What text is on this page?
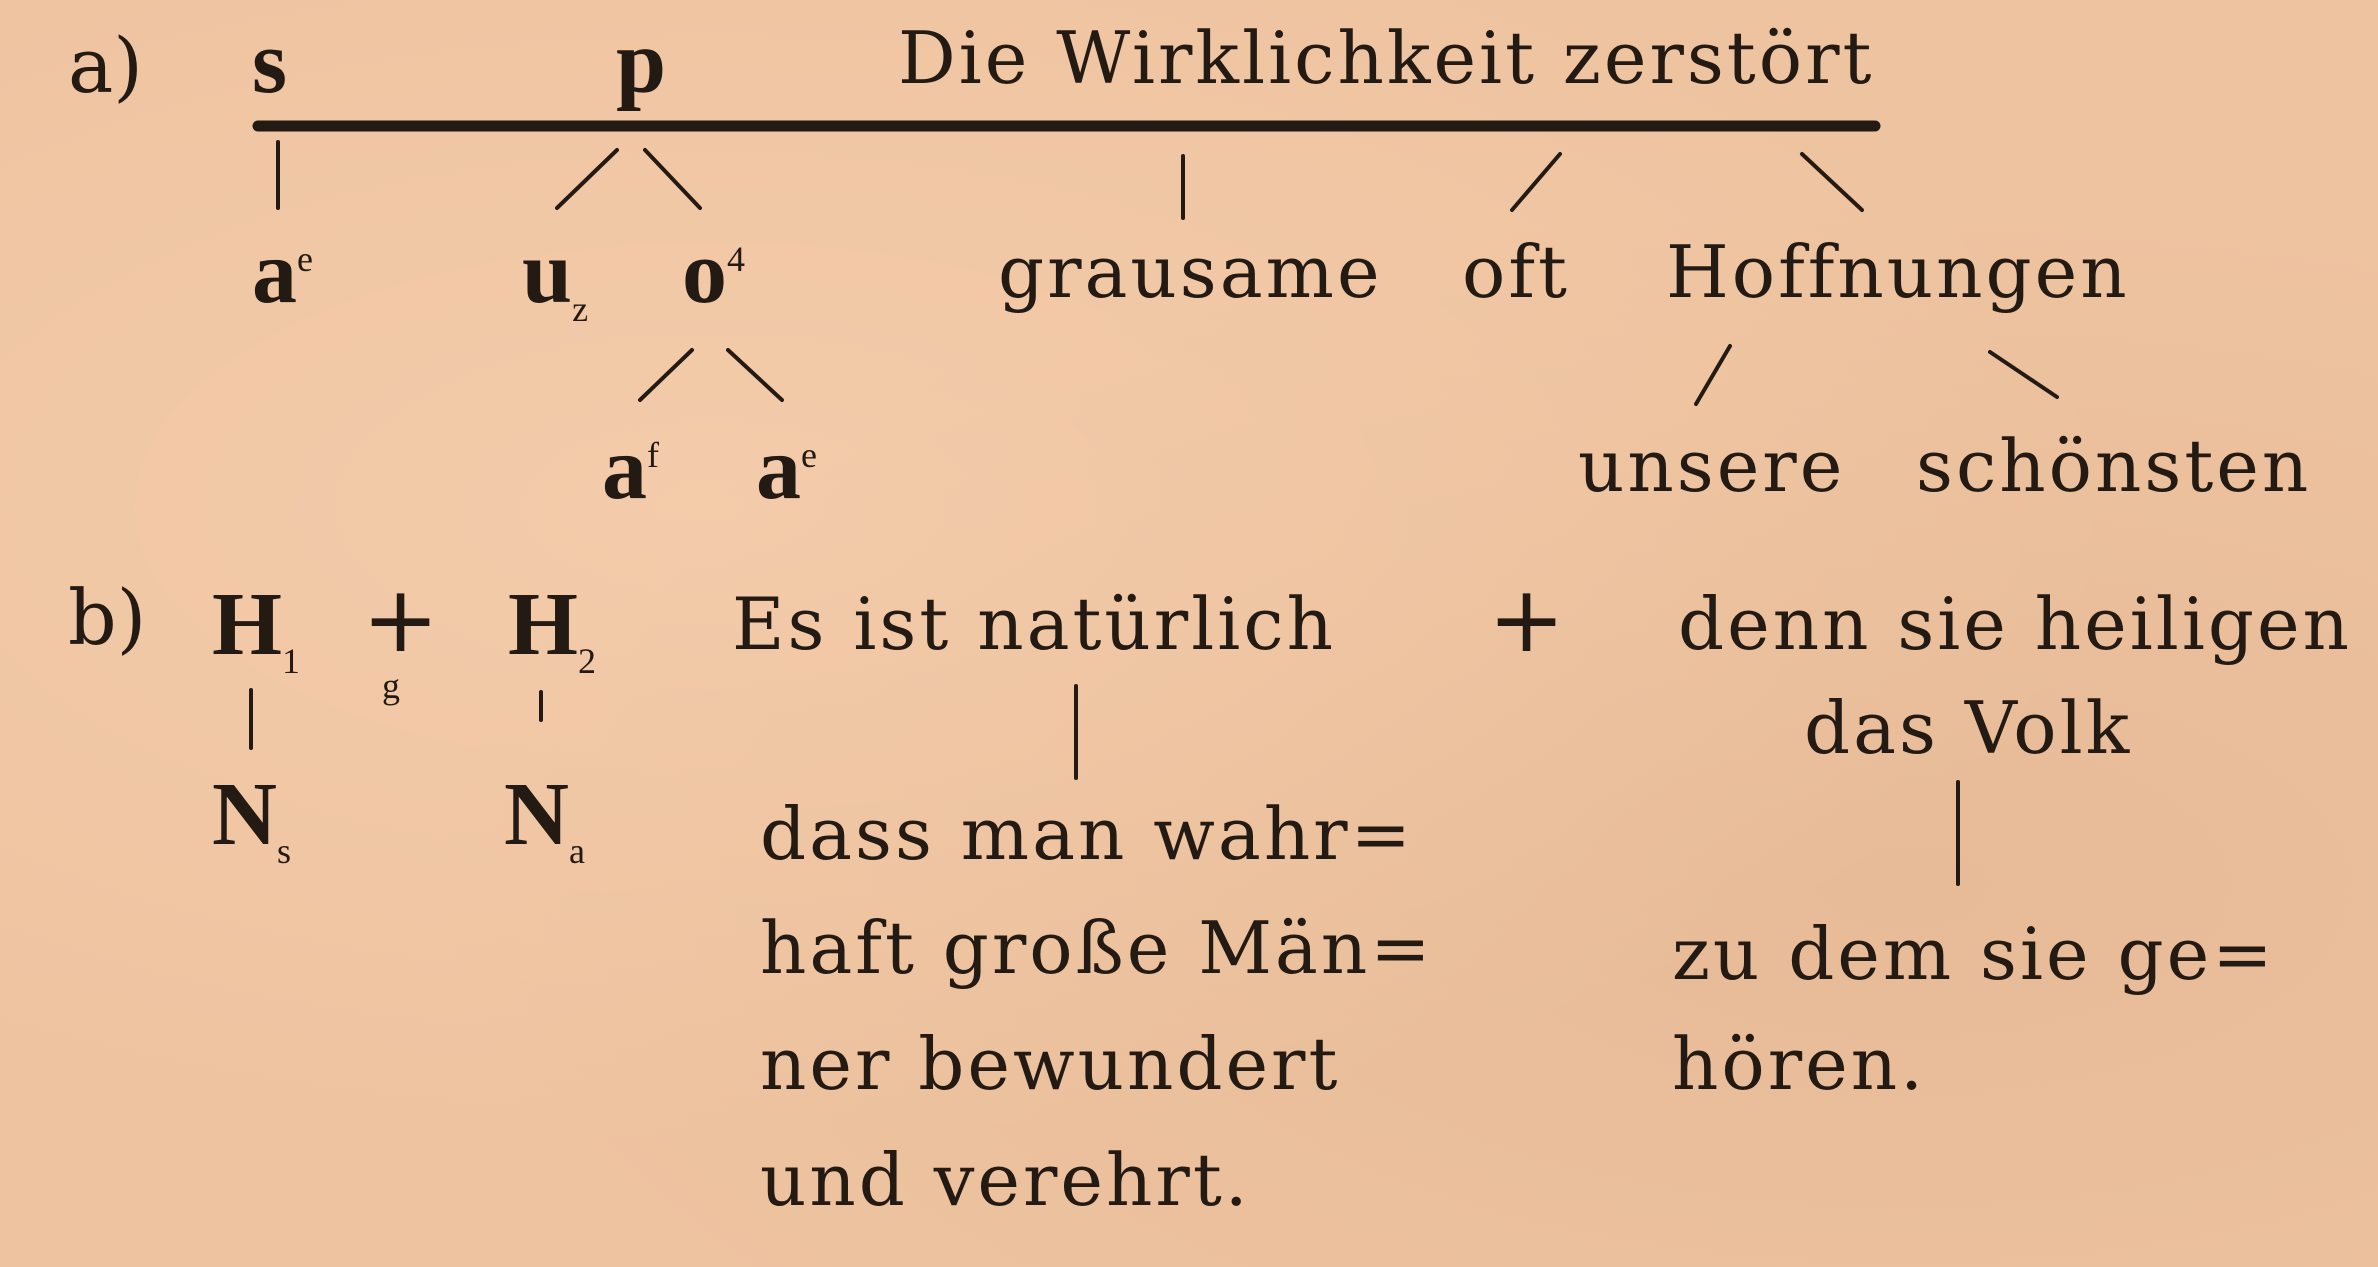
a) s	p	Die Wirklichkeit zerstört
$a^e$ $u_z$ $o^4$	grausame oft Hoffnungen
$a^f$ $a^e$	unsere schönsten
b) $H_1$ +
g
$H_2$
$N_s$ $N_a$
Es ist natürlich + denn sie heiligen
das Volk
dass man wahr=
haft große Män=
ner bewundert
und verehrt.
zu dem sie ge=
hören.
